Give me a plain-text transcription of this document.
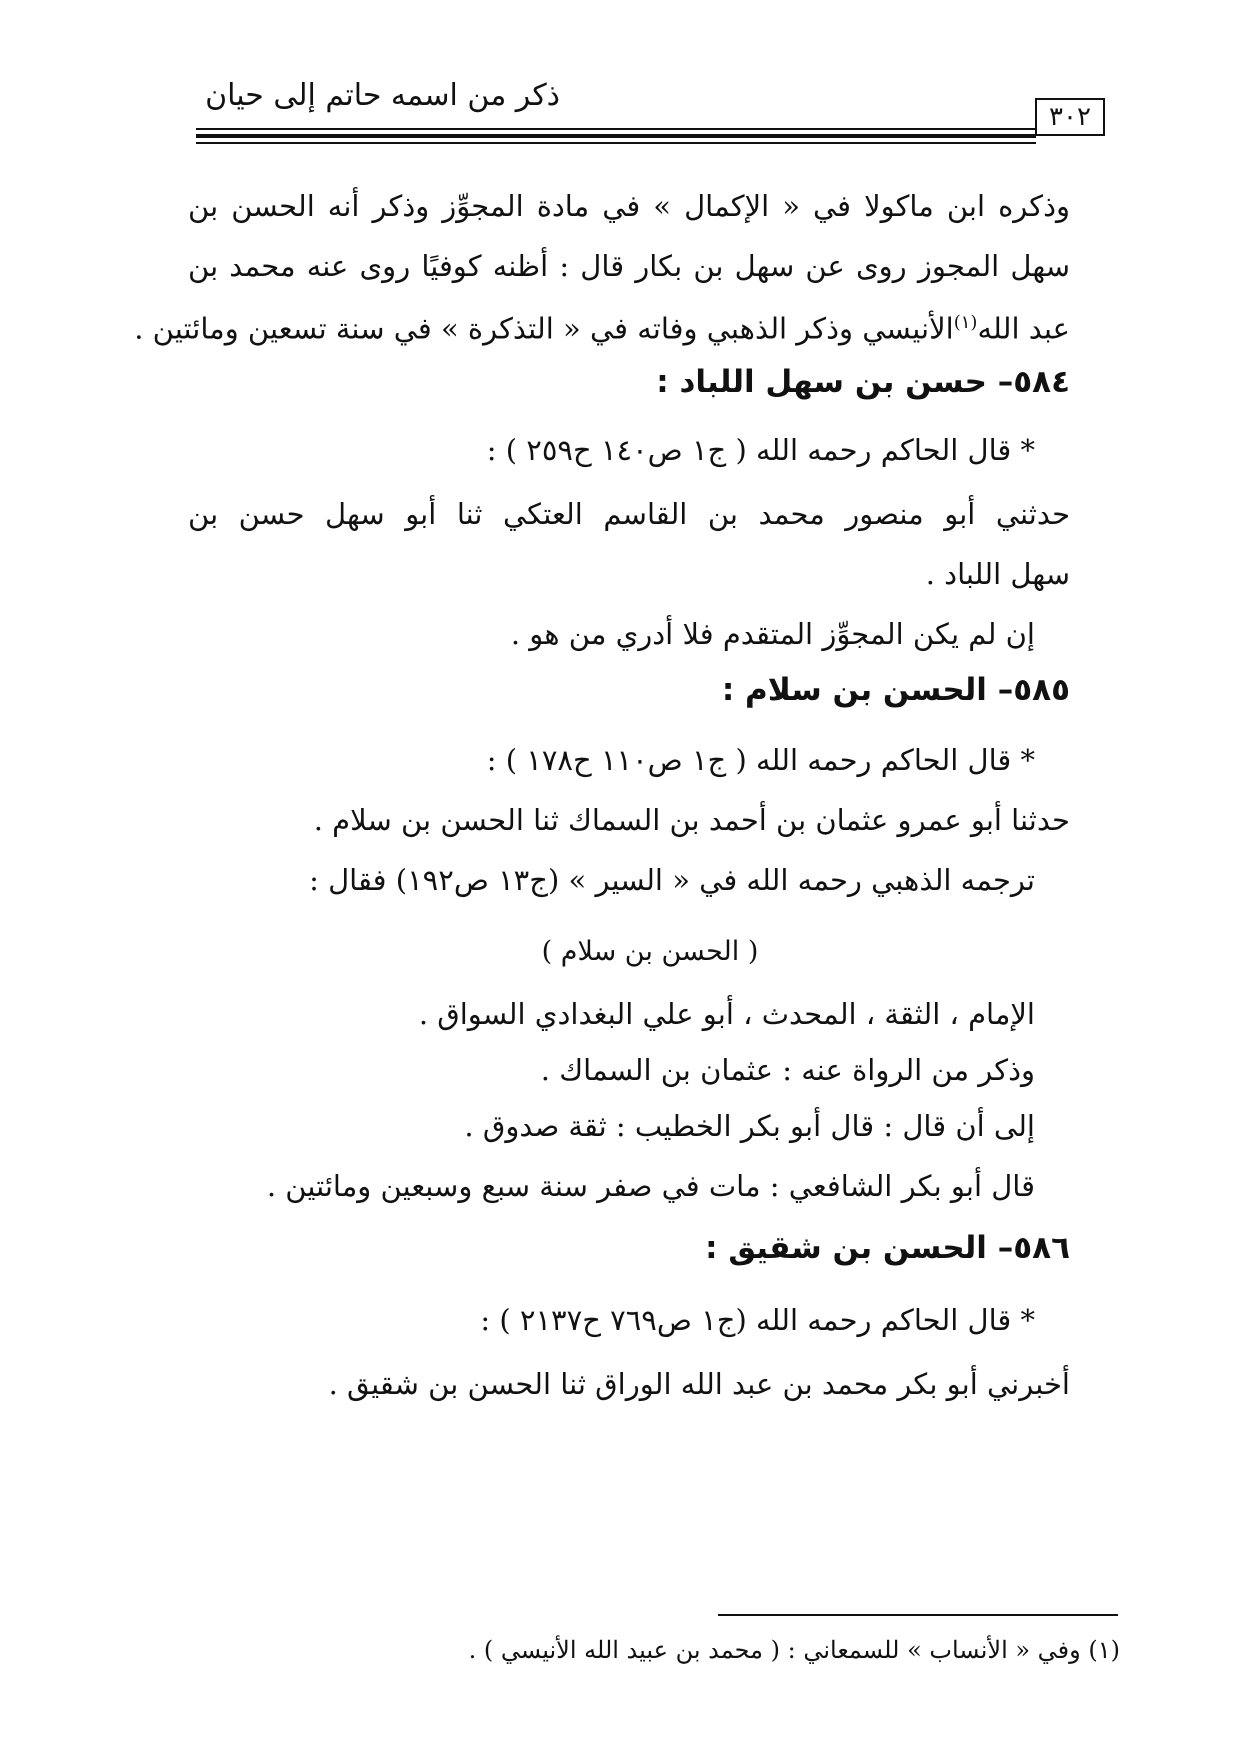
ذكر من اسمه حاتم إلى حيان
٣٠٢

وذكره ابن ماكولا في « الإكمال » في مادة المجوِّز وذكر أنه الحسن بن

سهل المجوز روى عن سهل بن بكار قال : أظنه كوفيًا روى عنه محمد بن

عبد الله$^{(١)}$الأنيسي وذكر الذهبي وفاته في « التذكرة » في سنة تسعين ومائتين .

٥٨٤– حسن بن سهل اللباد :

* قال الحاكم رحمه الله ( ج١ ص١٤٠ ح٢٥٩ ) :

حدثني أبو منصور محمد بن القاسم العتكي ثنا أبو سهل حسن بن

سهل اللباد .

إن لم يكن المجوِّز المتقدم فلا أدري من هو .

٥٨٥– الحسن بن سلام :

* قال الحاكم رحمه الله ( ج١ ص١١٠ ح١٧٨ ) :

حدثنا أبو عمرو عثمان بن أحمد بن السماك ثنا الحسن بن سلام .

ترجمه الذهبي رحمه الله في « السير » (ج١٣ ص١٩٢) فقال :

( الحسن بن سلام )

الإمام ، الثقة ، المحدث ، أبو علي البغدادي السواق .

وذكر من الرواة عنه : عثمان بن السماك .

إلى أن قال : قال أبو بكر الخطيب : ثقة صدوق .

قال أبو بكر الشافعي : مات في صفر سنة سبع وسبعين ومائتين .

٥٨٦– الحسن بن شقيق :

* قال الحاكم رحمه الله (ج١ ص٧٦٩ ح٢١٣٧ ) :

أخبرني أبو بكر محمد بن عبد الله الوراق ثنا الحسن بن شقيق .

(١) وفي « الأنساب » للسمعاني : ( محمد بن عبيد الله الأنيسي ) .
